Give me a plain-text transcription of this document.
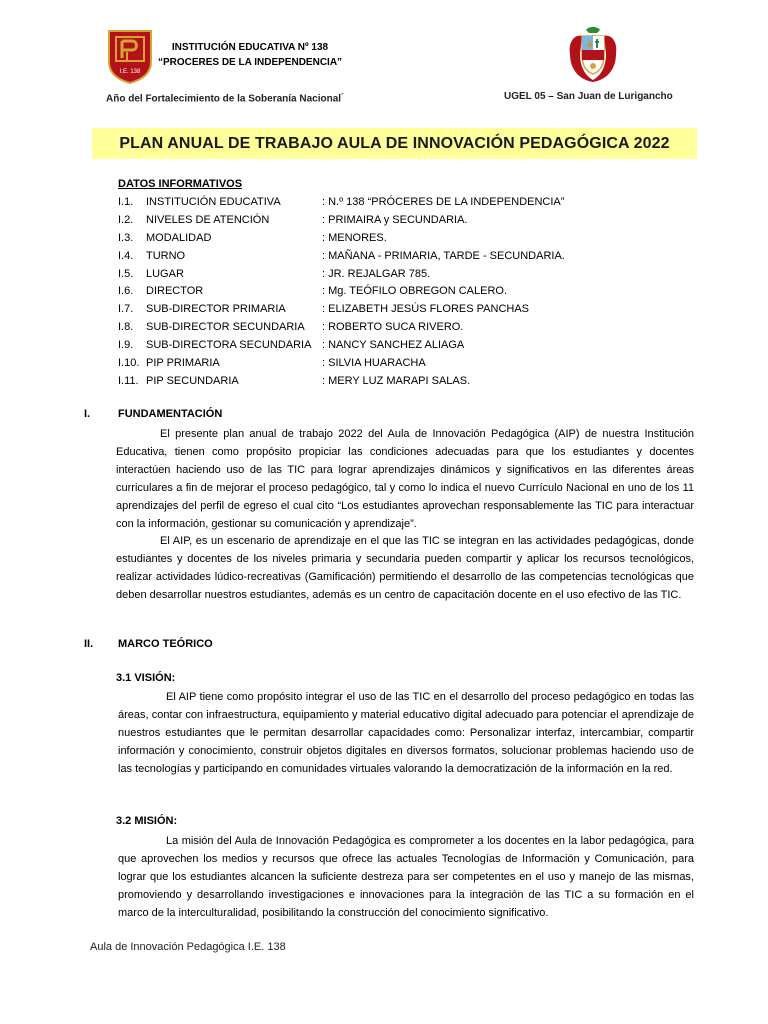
I.E. 138
INSTITUCIÓN EDUCATIVA Nº 138
“PROCERES DE LA INDEPENDENCIA”
Año del Fortalecimiento de la Soberanía Nacional”	UGEL 05 – San Juan de Lurigancho
PLAN ANUAL DE TRABAJO AULA DE INNOVACIÓN PEDAGÓGICA 2022
DATOS INFORMATIVOS
I.1. INSTITUCIÓN EDUCATIVA	: N.º 138 “PRÓCERES DE LA INDEPENDENCIA”
I.2. NIVELES DE ATENCIÓN	: PRIMAIRA y SECUNDARIA.
I.3. MODALIDAD	: MENORES.
I.4. TURNO	: MAÑANA - PRIMARIA, TARDE - SECUNDARIA.
I.5. LUGAR	: JR. REJALGAR 785.
I.6. DIRECTOR	: Mg. TEÓFILO OBREGON CALERO.
I.7. SUB-DIRECTOR PRIMARIA	: ELIZABETH JESÚS FLORES PANCHAS
I.8. SUB-DIRECTOR SECUNDARIA : ROBERTO SUCA RIVERO.
I.9. SUB-DIRECTORA SECUNDARIA : NANCY SANCHEZ ALIAGA
I.10. PIP PRIMARIA	: SILVIA HUARACHA
I.11. PIP SECUNDARIA	: MERY LUZ MARAPI SALAS.
I.	FUNDAMENTACIÓN
El presente plan anual de trabajo 2022 del Aula de Innovación Pedagógica (AIP) de nuestra Institución Educativa, tienen como propósito propiciar las condiciones adecuadas para que los estudiantes y docentes interactúen haciendo uso de las TIC para lograr aprendizajes dinámicos y significativos en las diferentes áreas curriculares a fin de mejorar el proceso pedagógico, tal y como lo indica el nuevo Currículo Nacional en uno de los 11 aprendizajes del perfil de egreso el cual cito “Los estudiantes aprovechan responsablemente las TIC para interactuar con la información, gestionar su comunicación y aprendizaje”.
El AIP, es un escenario de aprendizaje en el que las TIC se integran en las actividades pedagógicas, donde estudiantes y docentes de los niveles primaria y secundaria pueden compartir y aplicar los recursos tecnológicos, realizar actividades lúdico-recreativas (Gamificación) permitiendo el desarrollo de las competencias tecnológicas que deben desarrollar nuestros estudiantes, además es un centro de capacitación docente en el uso efectivo de las TIC.
II. MARCO TEÓRICO
3.1 VISIÓN:
El AIP tiene como propósito integrar el uso de las TIC en el desarrollo del proceso pedagógico en todas las áreas, contar con infraestructura, equipamiento y material educativo digital adecuado para potenciar el aprendizaje de nuestros estudiantes que le permitan desarrollar capacidades como: Personalizar interfaz, intercambiar, compartir información y conocimiento, construir objetos digitales en diversos formatos, solucionar problemas haciendo uso de las tecnologías y participando en comunidades virtuales valorando la democratización de la información en la red.
3.2 MISIÓN:
La misión del Aula de Innovación Pedagógica es comprometer a los docentes en la labor pedagógica, para que aprovechen los medios y recursos que ofrece las actuales Tecnologías de Información y Comunicación, para lograr que los estudiantes alcancen la suficiente destreza para ser competentes en el uso y manejo de las mismas, promoviendo y desarrollando investigaciones e innovaciones para la integración de las TIC a su formación en el marco de la interculturalidad, posibilitando la construcción del conocimiento significativo.
Aula de Innovación Pedagógica I.E. 138
